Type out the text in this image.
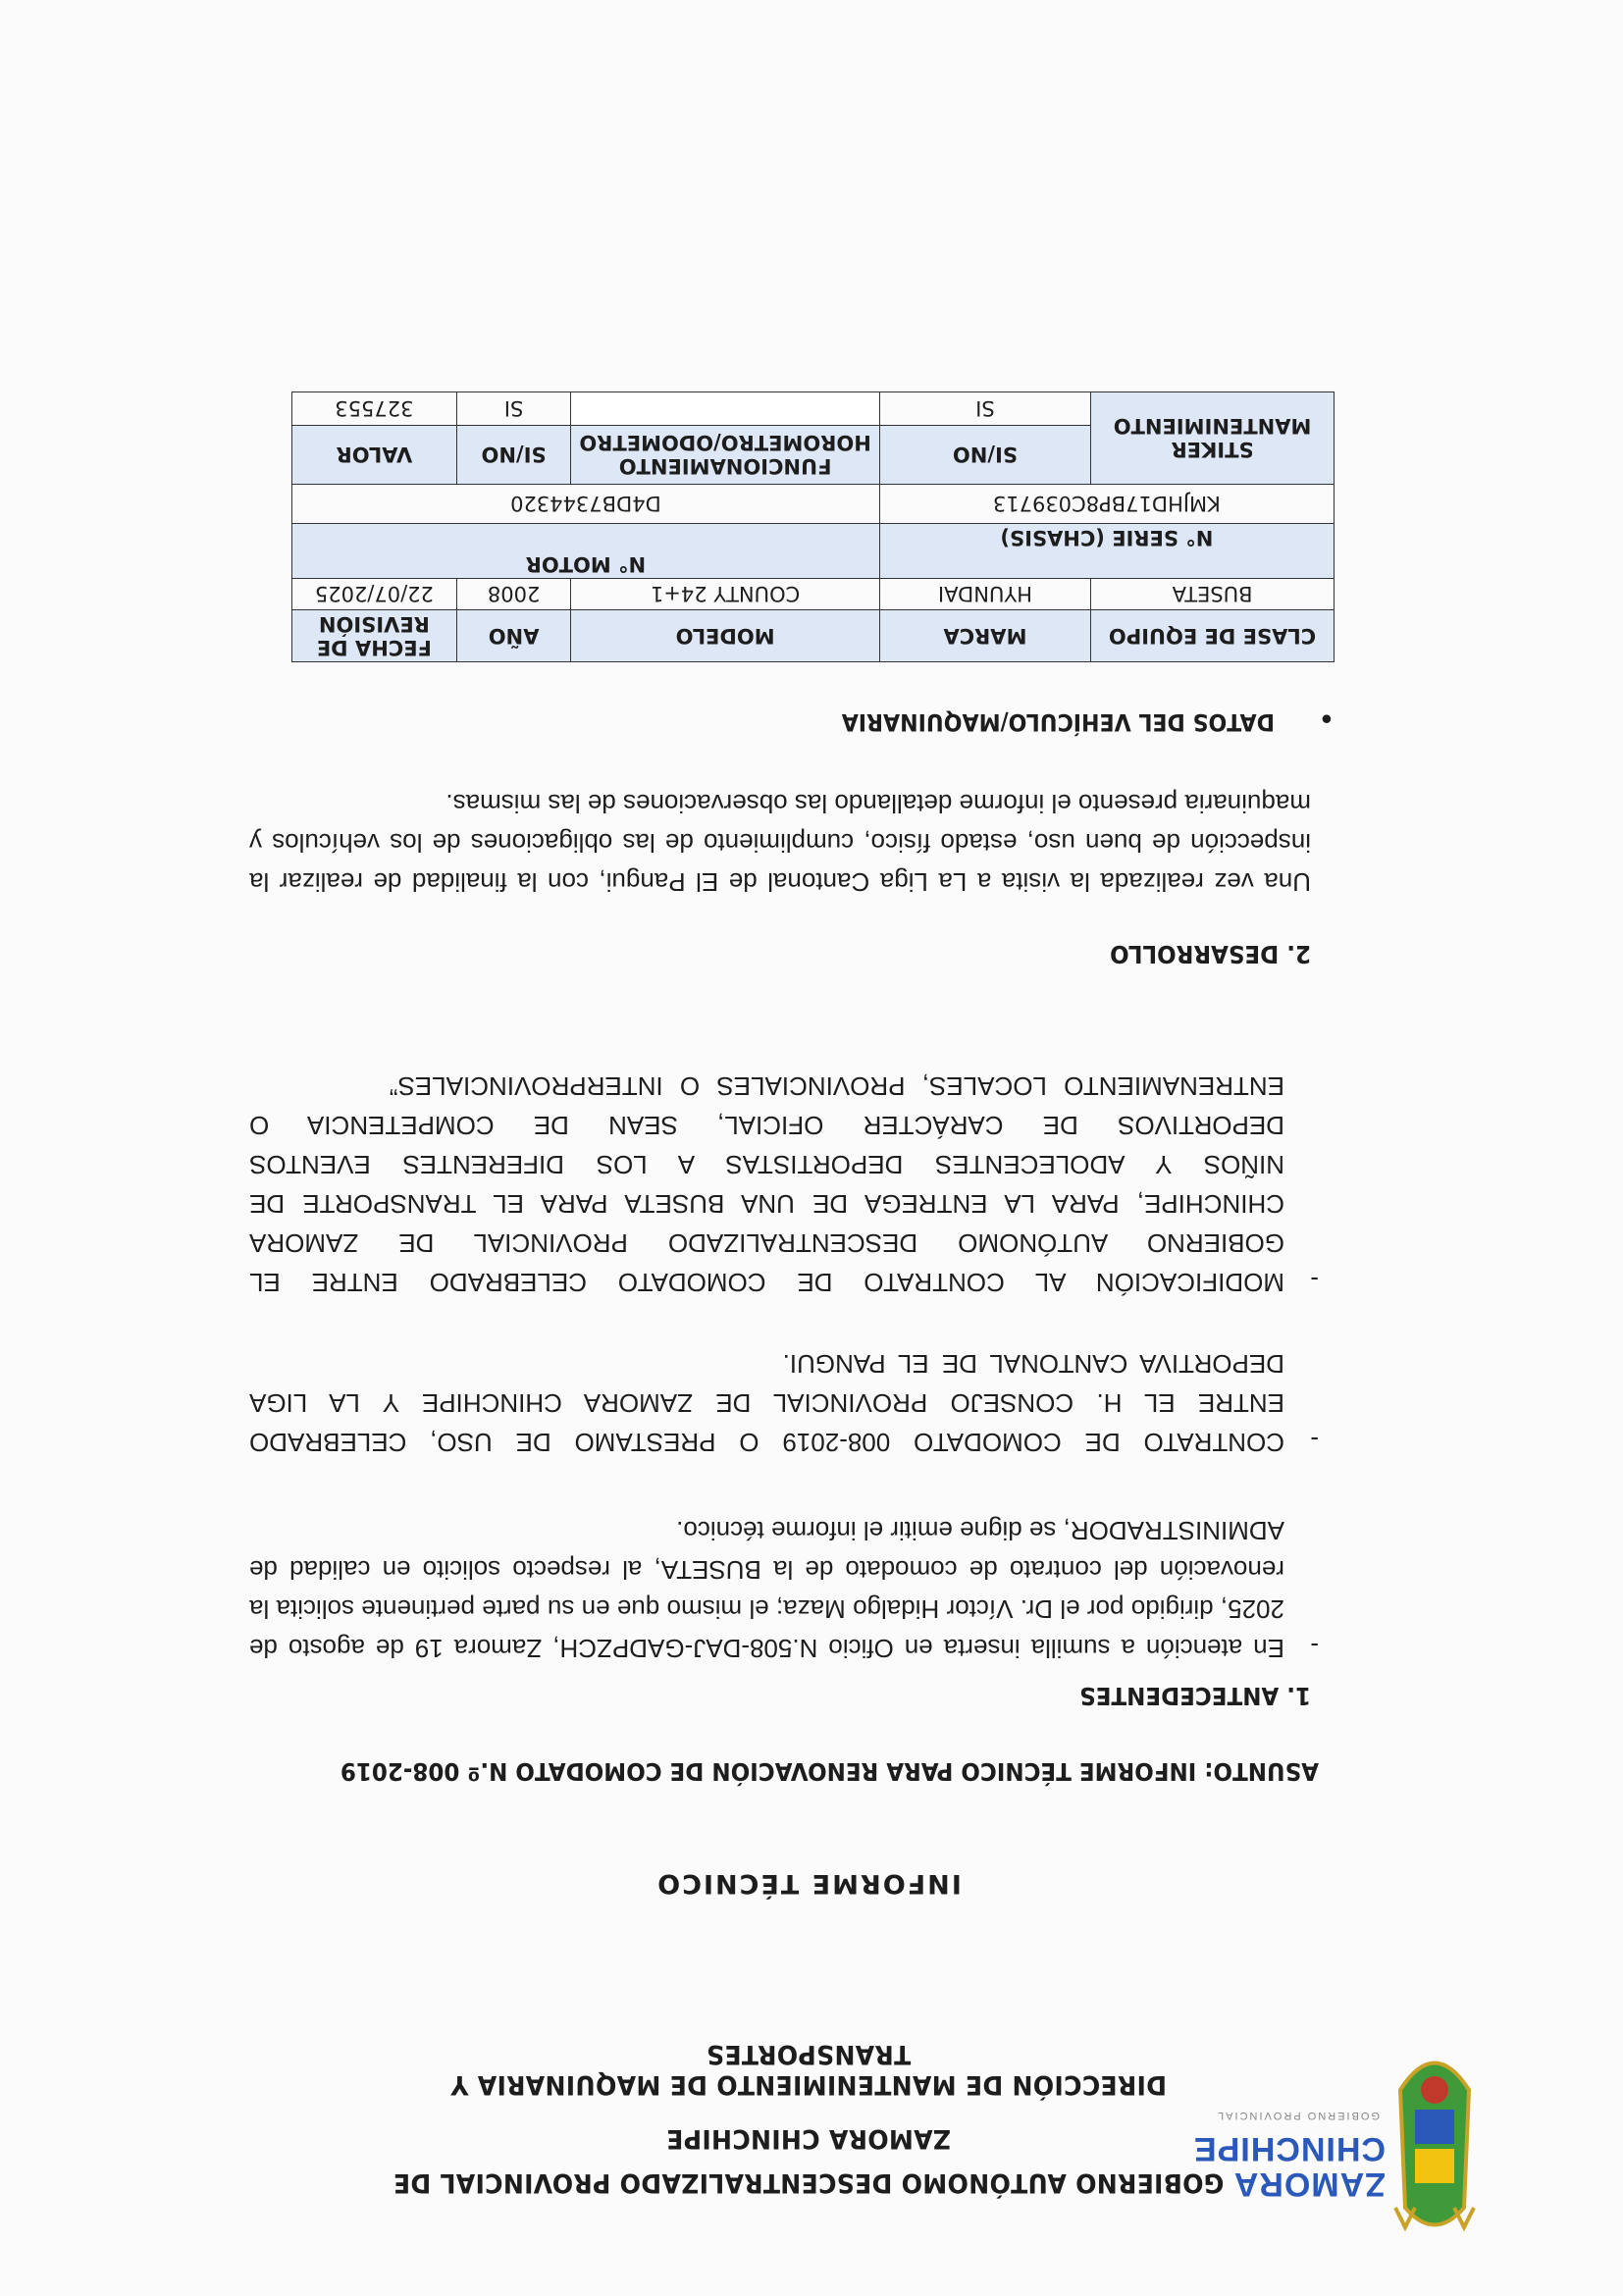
ZAMORA
CHINCHIPE
GOBIERNO PROVINCIAL
GOBIERNO AUTÓNOMO DESCENTRALIZADO PROVINCIAL DE
ZAMORA CHINCHIPE
DIRECCIÓN DE MANTENIMIENTO DE MAQUINARIA Y TRANSPORTES
INFORME TÉCNICO
ASUNTO: INFORME TÉCNICO PARA RENOVACIÓN DE COMODATO N.º 008-2019
1. ANTECEDENTES
-
En atención a sumilla inserta en Oficio N.508-DAJ-GADPZCH, Zamora 19 de agosto de 2025, dirigido por el Dr. Víctor Hidalgo Maza; el mismo que en su parte pertinente solicita la renovación del contrato de comodato de la BUSETA, al respecto solicito en calidad de ADMINISTRADOR, se digne emitir el informe técnico.
-
CONTRATO DE COMODATO 008-2019 O PRESTAMO DE USO, CELEBRADO ENTRE EL H. CONSEJO PROVINCIAL DE ZAMORA CHINCHIPE Y LA LIGA DEPORTIVA CANTONAL DE EL PANGUI.
-
MODIFICACIÓN AL CONTRATO DE COMODATO CELEBRADO ENTRE EL GOBIERNO AUTÓNOMO DESCENTRALIZADO PROVINCIAL DE ZAMORA CHINCHIPE, PARA LA ENTREGA DE UNA BUSETA PARA EL TRANSPORTE DE NIÑOS Y ADOLECENTES DEPORTISTAS A LOS DIFERENTES EVENTOS DEPORTIVOS DE CARÁCTER OFICIAL, SEAN DE COMPETENCIA O ENTRENAMIENTO LOCALES, PROVINCIALES O INTERPROVINCIALES”
2. DESARROLLO
Una vez realizada la visita a La Liga Cantonal de El Pangui, con la finalidad de realizar la inspección de buen uso, estado físico, cumplimiento de las obligaciones de los vehículos y maquinaria presento el informe detallando las observaciones de las mismas.
●
DATOS DEL VEHÍCULO/MAQUINARIA
CLASE DE EQUIPO	MARCA	MODELO	AÑO	FECHA DE REVISIÓN
BUSETA	HYUNDAI	COUNTY 24+1	2008	22/07/2025
N° SERIE (CHASIS)		N° MOTOR		
KMJHD17BP8C039713		D4DB7344320		
STIKER MANTENIMIENTO	SI/NO	FUNCIONAMIENTO HOROMETRO/ODOMETRO	SI/NO	VALOR
	SI		SI	327553
